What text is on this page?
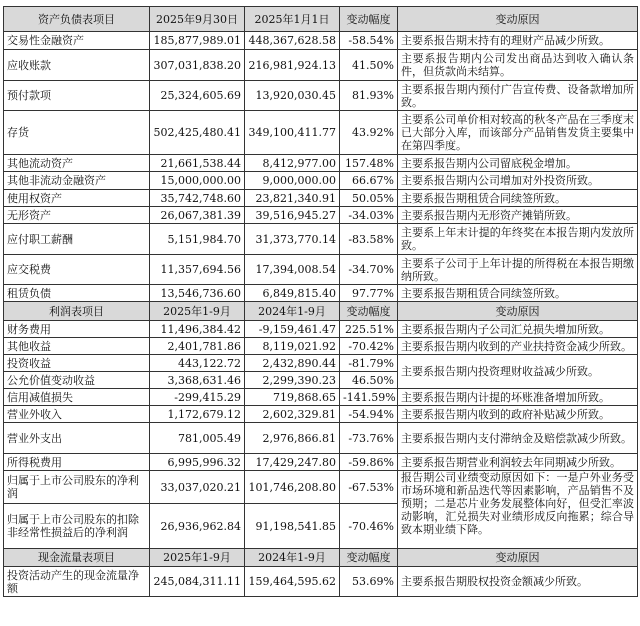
资产负债表项目	2025年9月30日	2025年1月1日	变动幅度	变动原因
交易性金融资产	185,877,989.01	448,367,628.58	-58.54%	主要系报告期末持有的理财产品减少所致。
应收账款	307,031,838.20	216,981,924.13	41.50%	主要系报告期内公司发出商品达到收入确认条件，但货款尚未结算。
预付款项	25,324,605.69	13,920,030.45	81.93%	主要系报告期内预付广告宣传费、设备款增加所致。
存货	502,425,480.41	349,100,411.77	43.92%	主要系公司单价相对较高的秋冬产品在三季度末已大部分入库，而该部分产品销售发货主要集中在第四季度。
其他流动资产	21,661,538.44	8,412,977.00	157.48%	主要系报告期内公司留底税金增加。
其他非流动金融资产	15,000,000.00	9,000,000.00	66.67%	主要系报告期内公司增加对外投资所致。
使用权资产	35,742,748.60	23,821,340.91	50.05%	主要系报告期租赁合同续签所致。
无形资产	26,067,381.39	39,516,945.27	-34.03%	主要系报告期内无形资产摊销所致。
应付职工薪酬	5,151,984.70	31,373,770.14	-83.58%	主要系上年末计提的年终奖在本报告期内发放所致。
应交税费	11,357,694.56	17,394,008.54	-34.70%	主要系子公司于上年计提的所得税在本报告期缴纳所致。
租赁负债	13,546,736.60	6,849,815.40	97.77%	主要系报告期租赁合同续签所致。
利润表项目	2025年1-9月	2024年1-9月	变动幅度	变动原因
财务费用	11,496,384.42	-9,159,461.47	225.51%	主要系报告期内子公司汇兑损失增加所致。
其他收益	2,401,781.86	8,119,021.92	-70.42%	主要系报告期内收到的产业扶持资金减少所致。
投资收益	443,122.72	2,432,890.44	-81.79%	主要系报告期内投资理财收益减少所致。
公允价值变动收益	3,368,631.46	2,299,390.23	46.50%	
信用减值损失	-299,415.29	719,868.65	-141.59%	主要系报告期内计提的坏账准备增加所致。
营业外收入	1,172,679.12	2,602,329.81	-54.94%	主要系报告期内收到的政府补贴减少所致。
营业外支出	781,005.49	2,976,866.81	-73.76%	主要系报告期内支付滞纳金及赔偿款减少所致。
所得税费用	6,995,996.32	17,429,247.80	-59.86%	主要系报告期营业利润较去年同期减少所致。
归属于上市公司股东的净利润	33,037,020.21	101,746,208.80	-67.53%	报告期公司业绩变动原因如下：一是户外业务受市场环境和新品迭代等因素影响，产品销售不及预期；二是芯片业务发展整体向好，但受汇率波动影响，汇兑损失对业绩形成反向拖累；综合导致本期业绩下降。
归属于上市公司股东的扣除非经常性损益后的净利润	26,936,962.84	91,198,541.85	-70.46%	
现金流量表项目	2025年1-9月	2024年1-9月	变动幅度	变动原因
投资活动产生的现金流量净额	245,084,311.11	159,464,595.62	53.69%	主要系报告期股权投资金额减少所致。
